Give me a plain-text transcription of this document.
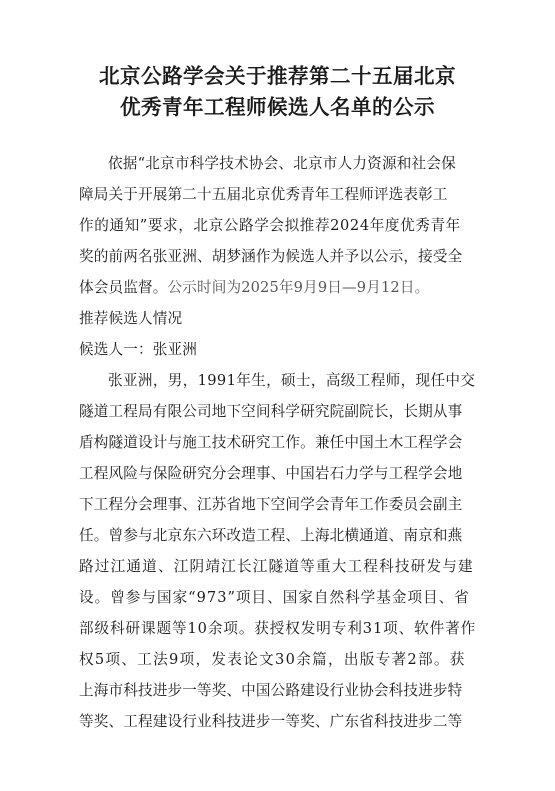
北京公路学会关于推荐第二十五届北京
优秀青年工程师候选人名单的公示
依据“北京市科学技术协会、北京市人力资源和社会保
障局关于开展第二十五届北京优秀青年工程师评选表彰工
作的通知”要求，北京公路学会拟推荐2024年度优秀青年
奖的前两名张亚洲、胡梦涵作为候选人并予以公示，接受全
体会员监督。公示时间为2025年9月9日—9月12日。
推荐候选人情况
候选人一：张亚洲
张亚洲，男，1991年生，硕士，高级工程师，现任中交
隧道工程局有限公司地下空间科学研究院副院长，长期从事
盾构隧道设计与施工技术研究工作。兼任中国土木工程学会
工程风险与保险研究分会理事、中国岩石力学与工程学会地
下工程分会理事、江苏省地下空间学会青年工作委员会副主
任。曾参与北京东六环改造工程、上海北横通道、南京和燕
路过江通道、江阴靖江长江隧道等重大工程科技研发与建
设。曾参与国家“973”项目、国家自然科学基金项目、省
部级科研课题等10余项。获授权发明专利31项、软件著作
权5项、工法9项，发表论文30余篇，出版专著2部。获
上海市科技进步一等奖、中国公路建设行业协会科技进步特
等奖、工程建设行业科技进步一等奖、广东省科技进步二等
